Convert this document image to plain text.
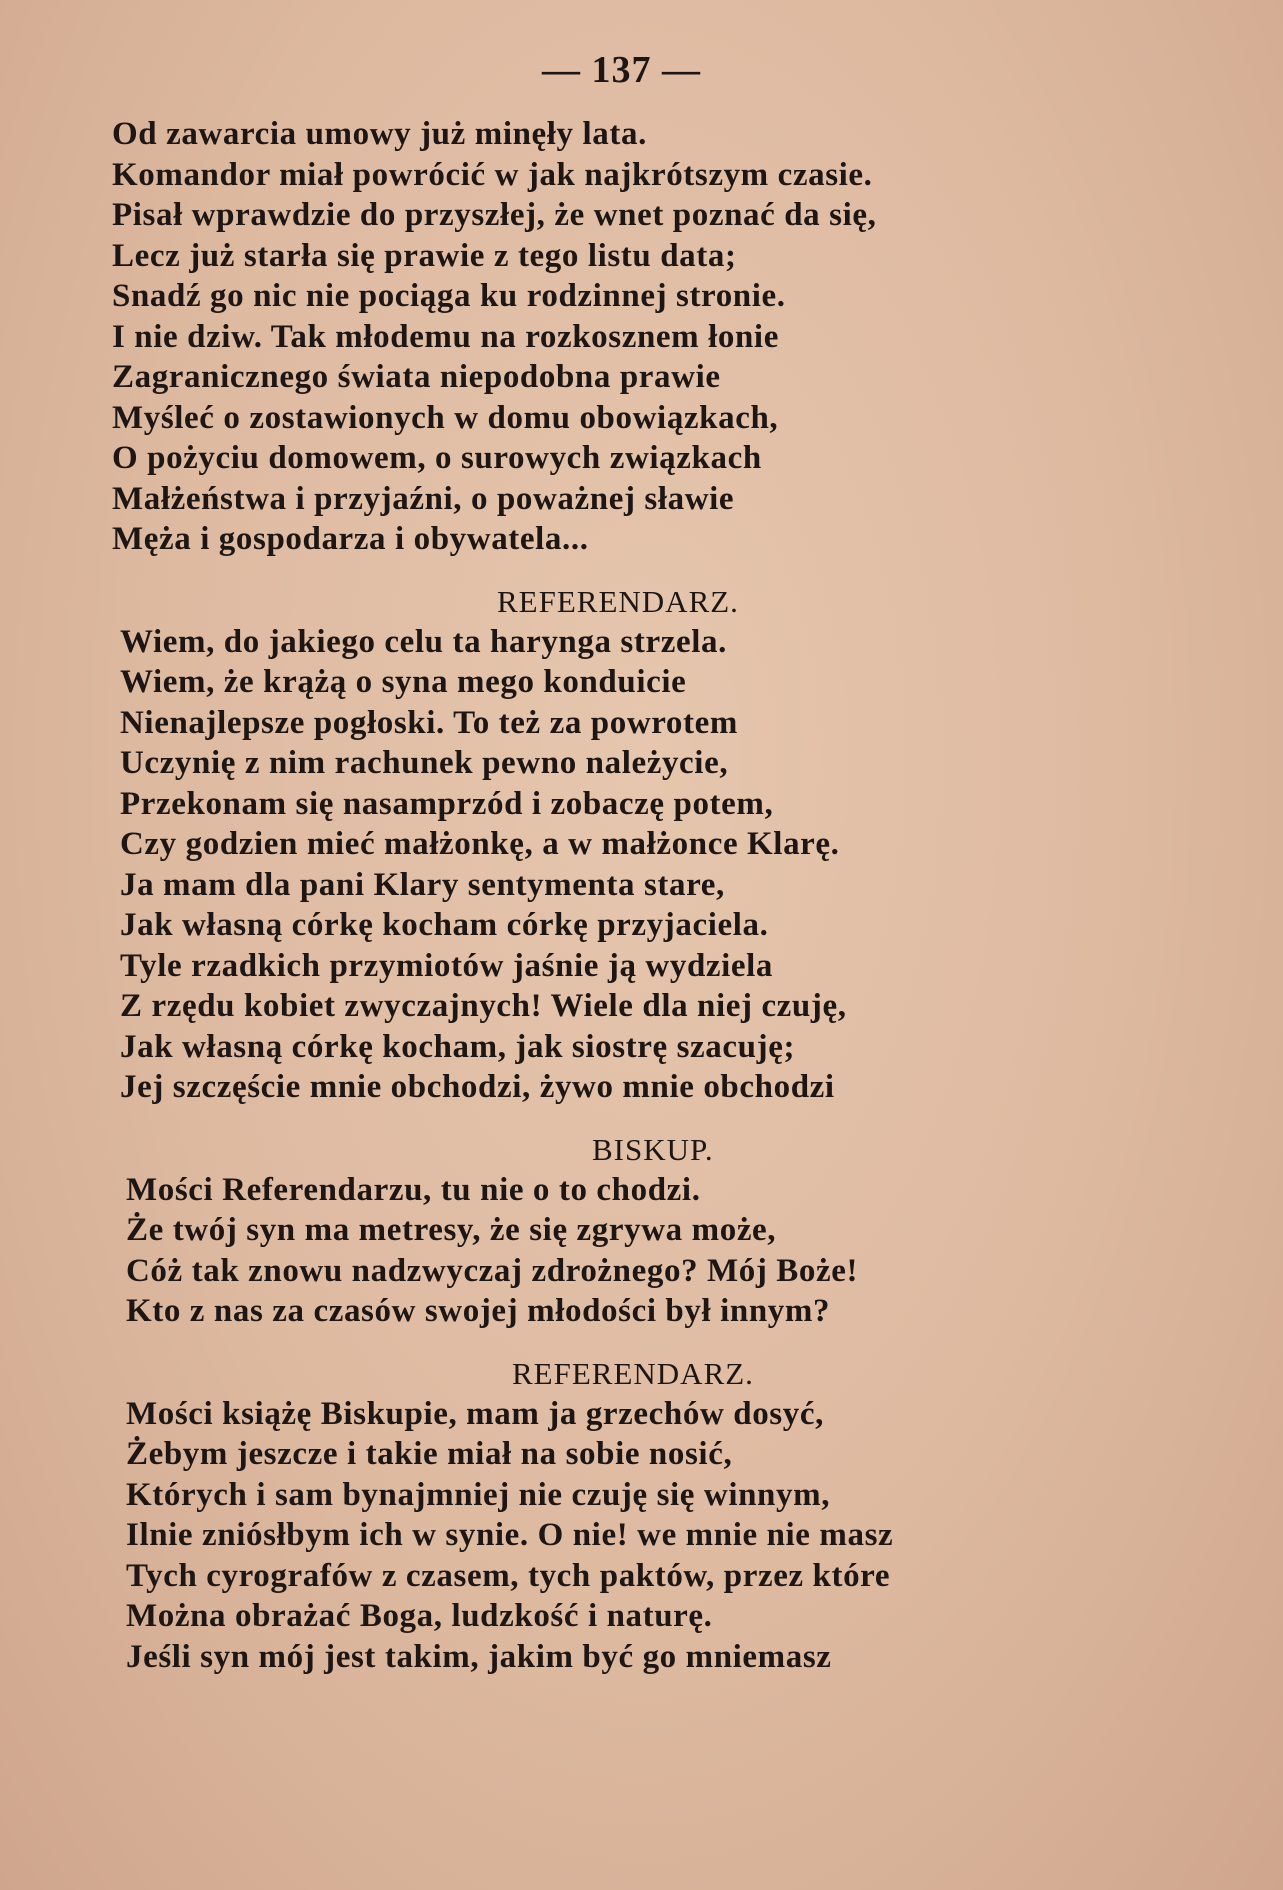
— 137 —
Od zawarcia umowy już minęły lata.
Komandor miał powrócić w jak najkrótszym czasie.
Pisał wprawdzie do przyszłej, że wnet poznać da się,
Lecz już starła się prawie z tego listu data;
Snadź go nic nie pociąga ku rodzinnej stronie.
I nie dziw. Tak młodemu na rozkosznem łonie
Zagranicznego świata niepodobna prawie
Myśleć o zostawionych w domu obowiązkach,
O pożyciu domowem, o surowych związkach
Małżeństwa i przyjaźni, o poważnej sławie
Męża i gospodarza i obywatela...
REFERENDARZ.
Wiem, do jakiego celu ta harynga strzela.
Wiem, że krążą o syna mego konduicie
Nienajlepsze pogłoski. To też za powrotem
Uczynię z nim rachunek pewno należycie,
Przekonam się nasamprzód i zobaczę potem,
Czy godzien mieć małżonkę, a w małżonce Klarę.
Ja mam dla pani Klary sentymenta stare,
Jak własną córkę kocham córkę przyjaciela.
Tyle rzadkich przymiotów jaśnie ją wydziela
Z rzędu kobiet zwyczajnych! Wiele dla niej czuję,
Jak własną córkę kocham, jak siostrę szacuję;
Jej szczęście mnie obchodzi, żywo mnie obchodzi
BISKUP.
Mości Referendarzu, tu nie o to chodzi.
Że twój syn ma metresy, że się zgrywa może,
Cóż tak znowu nadzwyczaj zdrożnego? Mój Boże!
Kto z nas za czasów swojej młodości był innym?
REFERENDARZ.
Mości książę Biskupie, mam ja grzechów dosyć,
Żebym jeszcze i takie miał na sobie nosić,
Których i sam bynajmniej nie czuję się winnym,
Ilnie zniósłbym ich w synie. O nie! we mnie nie masz
Tych cyrografów z czasem, tych paktów, przez które
Można obrażać Boga, ludzkość i naturę.
Jeśli syn mój jest takim, jakim być go mniemasz
